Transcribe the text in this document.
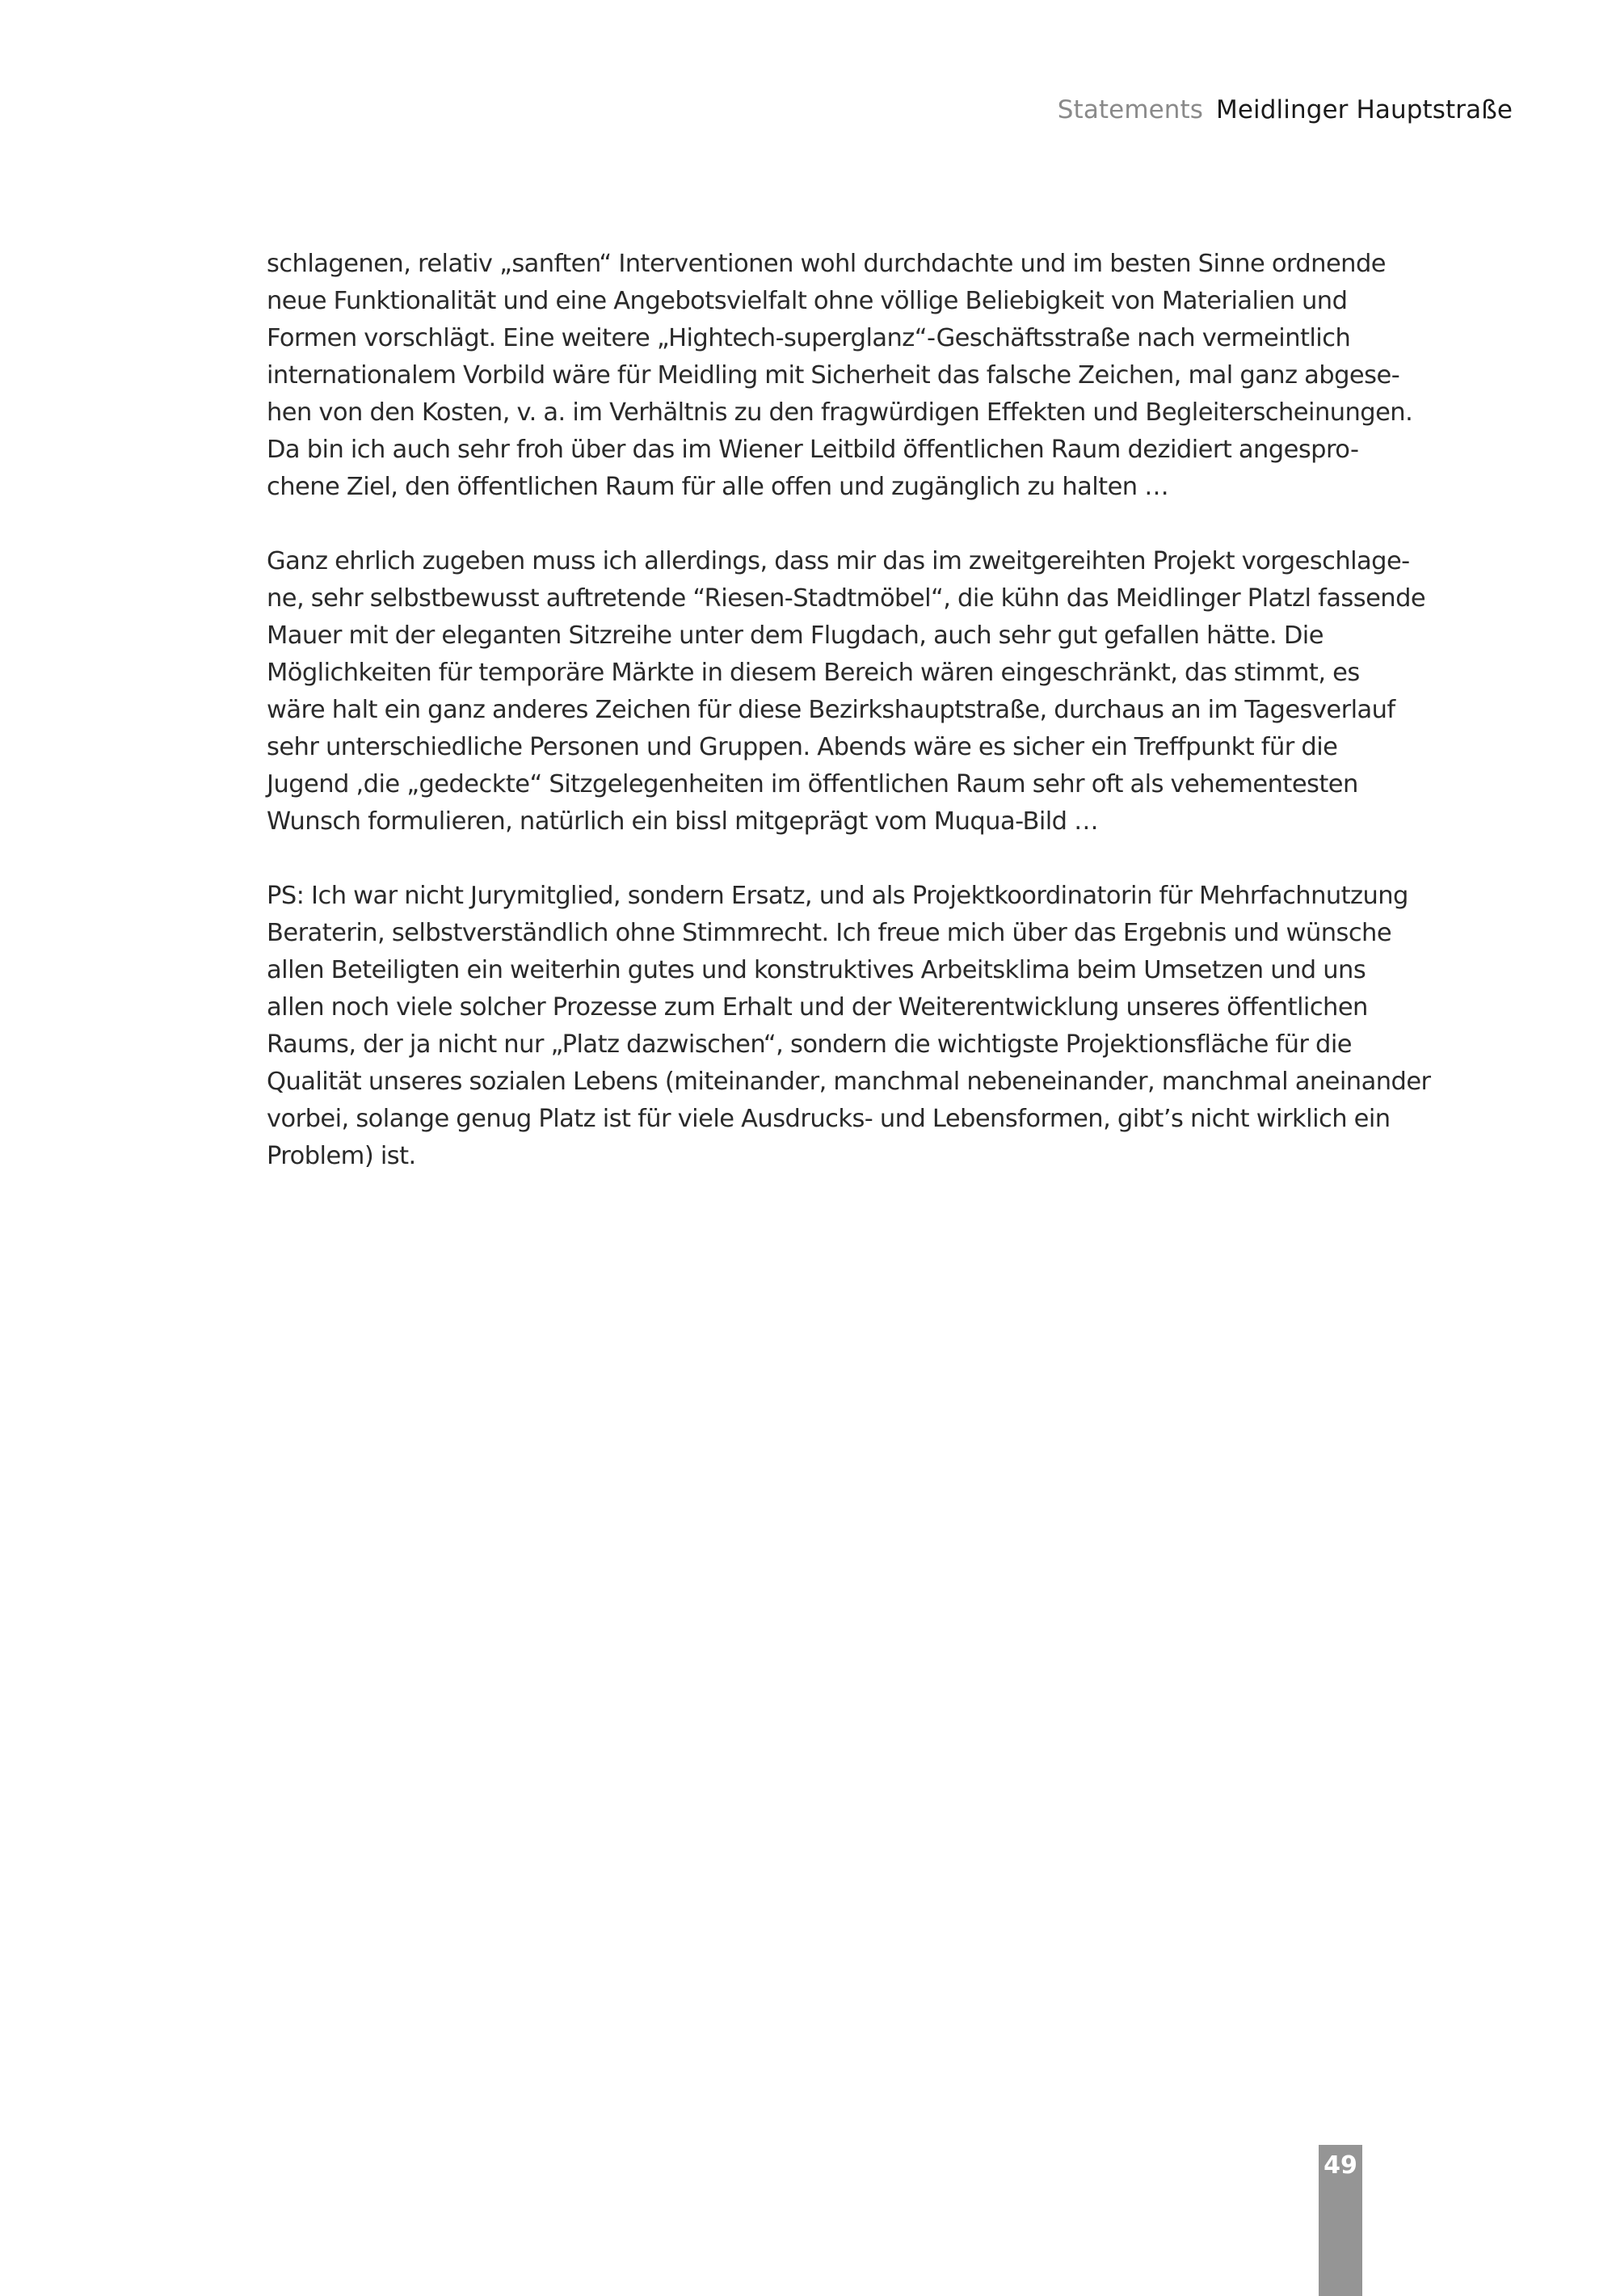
Statements Meidlinger Hauptstraße

schlagenen, relativ „sanften“ Interventionen wohl durchdachte und im besten Sinne ordnende
neue Funktionalität und eine Angebotsvielfalt ohne völlige Beliebigkeit von Materialien und
Formen vorschlägt. Eine weitere „Hightech-superglanz“-Geschäftsstraße nach vermeintlich
internationalem Vorbild wäre für Meidling mit Sicherheit das falsche Zeichen, mal ganz abgese-
hen von den Kosten, v. a. im Verhältnis zu den fragwürdigen Effekten und Begleiterscheinungen.
Da bin ich auch sehr froh über das im Wiener Leitbild öffentlichen Raum dezidiert angespro-
chene Ziel, den öffentlichen Raum für alle offen und zugänglich zu halten …

Ganz ehrlich zugeben muss ich allerdings, dass mir das im zweitgereihten Projekt vorgeschlage-
ne, sehr selbstbewusst auftretende “Riesen-Stadtmöbel“, die kühn das Meidlinger Platzl fassende
Mauer mit der eleganten Sitzreihe unter dem Flugdach, auch sehr gut gefallen hätte. Die
Möglichkeiten für temporäre Märkte in diesem Bereich wären eingeschränkt, das stimmt, es
wäre halt ein ganz anderes Zeichen für diese Bezirkshauptstraße, durchaus an im Tagesverlauf
sehr unterschiedliche Personen und Gruppen. Abends wäre es sicher ein Treffpunkt für die
Jugend ,die „gedeckte“ Sitzgelegenheiten im öffentlichen Raum sehr oft als vehementesten
Wunsch formulieren, natürlich ein bissl mitgeprägt vom Muqua-Bild …

PS: Ich war nicht Jurymitglied, sondern Ersatz, und als Projektkoordinatorin für Mehrfachnutzung
Beraterin, selbstverständlich ohne Stimmrecht. Ich freue mich über das Ergebnis und wünsche
allen Beteiligten ein weiterhin gutes und konstruktives Arbeitsklima beim Umsetzen und uns
allen noch viele solcher Prozesse zum Erhalt und der Weiterentwicklung unseres öffentlichen
Raums, der ja nicht nur „Platz dazwischen“, sondern die wichtigste Projektionsfläche für die
Qualität unseres sozialen Lebens (miteinander, manchmal nebeneinander, manchmal aneinander
vorbei, solange genug Platz ist für viele Ausdrucks- und Lebensformen, gibt’s nicht wirklich ein
Problem) ist.

49
